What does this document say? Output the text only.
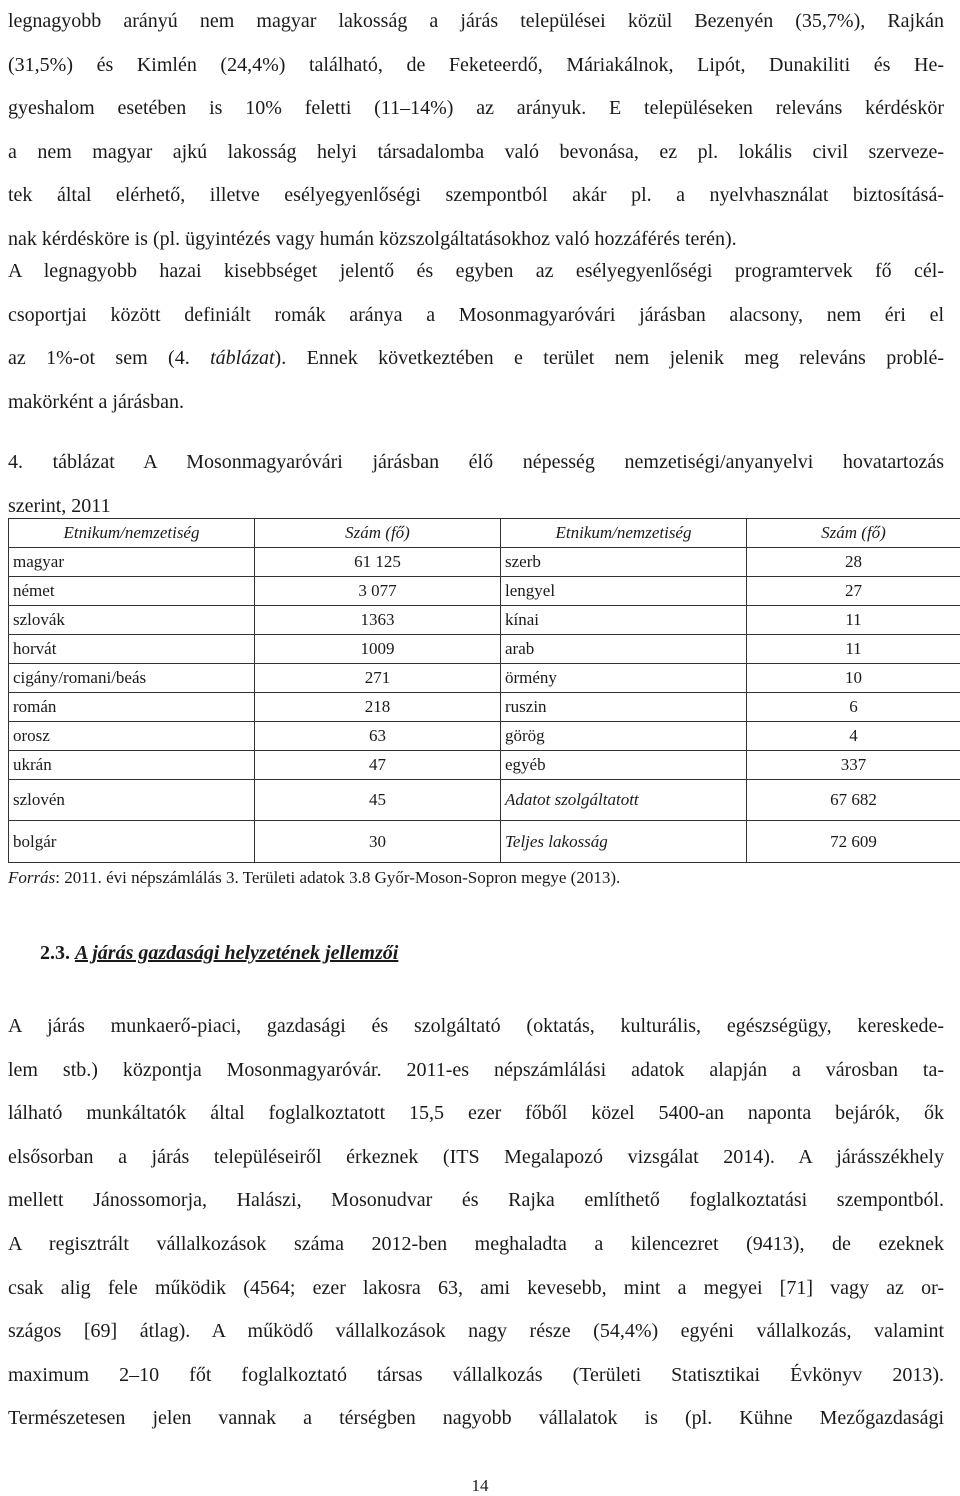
legnagyobb arányú nem magyar lakosság a járás települései közül Bezenyén (35,7%), Rajkán
(31,5%) és Kimlén (24,4%) található, de Feketeerdő, Máriakálnok, Lipót, Dunakiliti és He-
gyeshalom esetében is 10% feletti (11–14%) az arányuk. E településeken releváns kérdéskör
a nem magyar ajkú lakosság helyi társadalomba való bevonása, ez pl. lokális civil szerveze-
tek által elérhető, illetve esélyegyenlőségi szempontból akár pl. a nyelvhasználat biztosításá-
nak kérdésköre is (pl. ügyintézés vagy humán közszolgáltatásokhoz való hozzáférés terén).
A legnagyobb hazai kisebbséget jelentő és egyben az esélyegyenlőségi programtervek fő cél-
csoportjai között definiált romák aránya a Mosonmagyaróvári járásban alacsony, nem éri el
az 1%-ot sem (4. táblázat). Ennek következtében e terület nem jelenik meg releváns problé-
makörként a járásban.
4. táblázat A Mosonmagyaróvári járásban élő népesség nemzetiségi/anyanyelvi hovatartozás
szerint, 2011
Etnikum/nemzetiség	Szám (fő)	Etnikum/nemzetiség	Szám (fő)
magyar	61 125	szerb	28
német	3 077	lengyel	27
szlovák	1363	kínai	11
horvát	1009	arab	11
cigány/romani/beás	271	örmény	10
román	218	ruszin	6
orosz	63	görög	4
ukrán	47	egyéb	337
szlovén	45	Adatot szolgáltatott	67 682
bolgár	30	Teljes lakosság	72 609
Forrás: 2011. évi népszámlálás 3. Területi adatok 3.8 Győr-Moson-Sopron megye (2013).
2.3. A járás gazdasági helyzetének jellemzői
A járás munkaerő-piaci, gazdasági és szolgáltató (oktatás, kulturális, egészségügy, kereskede-
lem stb.) központja Mosonmagyaróvár. 2011-es népszámlálási adatok alapján a városban ta-
lálható munkáltatók által foglalkoztatott 15,5 ezer főből közel 5400-an naponta bejárók, ők
elsősorban a járás településeiről érkeznek (ITS Megalapozó vizsgálat 2014). A járásszékhely
mellett Jánossomorja, Halászi, Mosonudvar és Rajka említhető foglalkoztatási szempontból.
A regisztrált vállalkozások száma 2012-ben meghaladta a kilencezret (9413), de ezeknek
csak alig fele működik (4564; ezer lakosra 63, ami kevesebb, mint a megyei [71] vagy az or-
szágos [69] átlag). A működő vállalkozások nagy része (54,4%) egyéni vállalkozás, valamint
maximum 2–10 főt foglalkoztató társas vállalkozás (Területi Statisztikai Évkönyv 2013).
Természetesen jelen vannak a térségben nagyobb vállalatok is (pl. Kühne Mezőgazdasági
14
